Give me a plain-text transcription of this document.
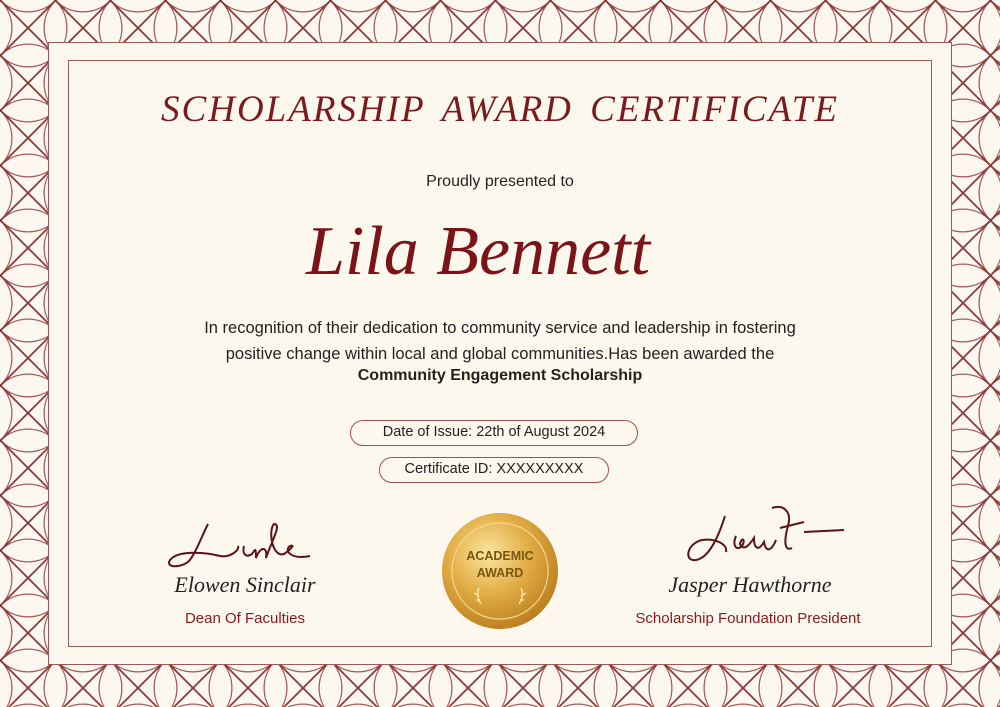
SCHOLARSHIP AWARD CERTIFICATE
Proudly presented to
Lila Bennett
In recognition of their dedication to community service and leadership in fostering
positive change within local and global communities.Has been awarded the
Community Engagement Scholarship
Date of Issue: 22th of August 2024
Certificate ID: XXXXXXXXX
Elowen Sinclair
Dean Of Faculties
Jasper Hawthorne
Scholarship Foundation President
ACADEMIC
AWARD
